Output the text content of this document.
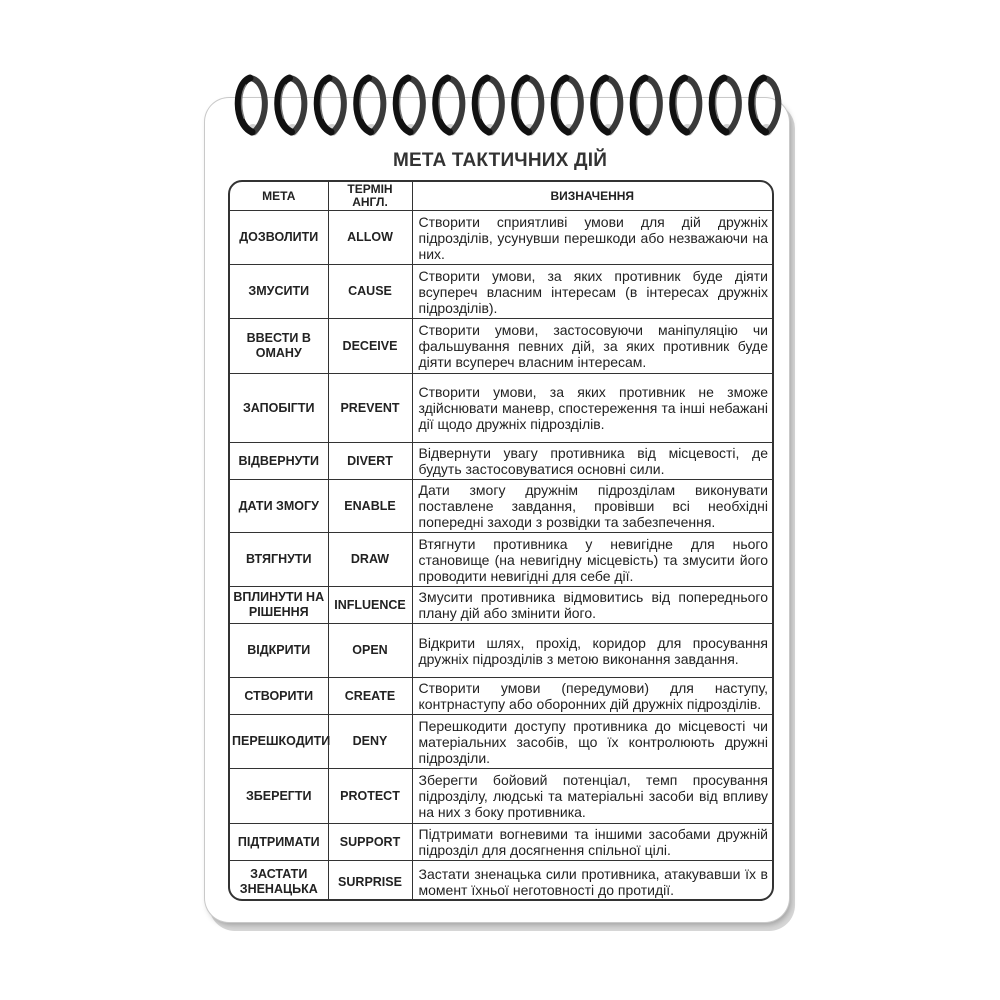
МЕТА ТАКТИЧНИХ ДІЙ
МЕТА	ТЕРМІН АНГЛ.	ВИЗНАЧЕННЯ
ДОЗВОЛИТИ	ALLOW	Створити сприятливі умови для дій дружніх підрозділів, усунувши перешкоди або незважаючи на них.
ЗМУСИТИ	CAUSE	Створити умови, за яких противник буде діяти всупереч власним інтересам (в інтересах дружніх підрозділів).
ВВЕСТИ В ОМАНУ	DECEIVE	Створити умови, застосовуючи маніпуляцію чи фальшування певних дій, за яких противник буде діяти всупереч власним інтересам.
ЗАПОБІГТИ	PREVENT	Створити умови, за яких противник не зможе здійснювати маневр, спостереження та інші небажані дії щодо дружніх підрозділів.
ВІДВЕРНУТИ	DIVERT	Відвернути увагу противника від місцевості, де будуть застосовуватися основні сили.
ДАТИ ЗМОГУ	ENABLE	Дати змогу дружнім підрозділам виконувати поставлене завдання, провівши всі необхідні попередні заходи з розвідки та забезпечення.
ВТЯГНУТИ	DRAW	Втягнути противника у невигідне для нього становище (на невигідну місцевість) та змусити його проводити невигідні для себе дії.
ВПЛИНУТИ НА РІШЕННЯ	INFLUENCE	Змусити противника відмовитись від попереднього плану дій або змінити його.
ВІДКРИТИ	OPEN	Відкрити шлях, прохід, коридор для просування дружніх підрозділів з метою виконання завдання.
СТВОРИТИ	CREATE	Створити умови (передумови) для наступу, контрнаступу або оборонних дій дружніх підрозділів.
ПЕРЕШКОДИТИ	DENY	Перешкодити доступу противника до місцевості чи матеріальних засобів, що їх контролюють дружні підрозділи.
ЗБЕРЕГТИ	PROTECT	Зберегти бойовий потенціал, темп просування підрозділу, людські та матеріальні засоби від впливу на них з боку противника.
ПІДТРИМАТИ	SUPPORT	Підтримати вогневими та іншими засобами дружній підрозділ для досягнення спільної цілі.
ЗАСТАТИ ЗНЕНАЦЬКА	SURPRISE	Застати зненацька сили противника, атакувавши їх в момент їхньої неготовності до протидії.
